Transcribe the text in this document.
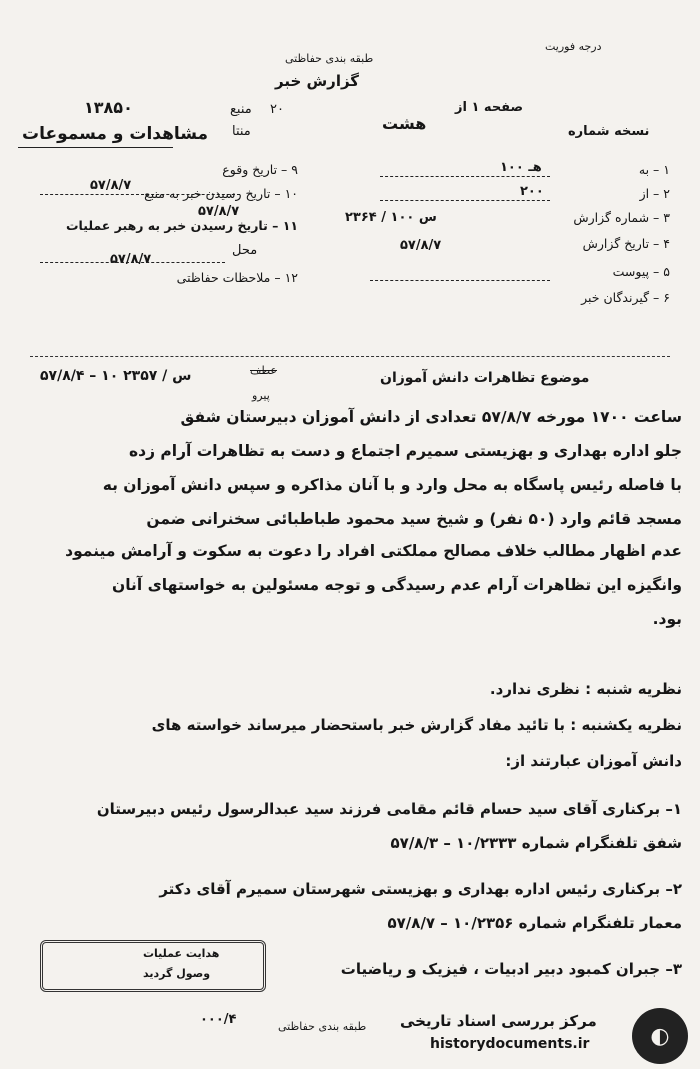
درجه فوریت
طبقه بندی حفاظتی
گزارش خبر
۱۳۸۵۰
مشاهدات و مسموعات
منبع ۲۰
منتا
صفحه ۱ از
هشت	نسخه شماره
۹ – تاریخ وقوع
۵۷/۸/۷
۱۰ – تاریخ رسیدن خبر به منبع
۵۷/۸/۷
۱۱ – تاریخ رسیدن خبر به رهبر عملیات
محل
۵۷/۸/۷
۱۲ – ملاحظات حفاظتی
۱ – به
۱۰۰ هـ
۲ – از
۲۰۰
۳ – شماره گزارش
۲۳۶۴ / ۱۰۰ س
۴ – تاریخ گزارش
۵۷/۸/۷
۵ – پیوست
۶ – گیرندگان خبر
موضوع تظاهرات دانش آموزان
۵۷/۸/۴ – ۱۰ س / ۲۳۵۷	عطف
پیرو
ساعت ۱۷۰۰ مورخه ۵۷/۸/۷ تعدادی از دانش آموزان دبیرستان شفق
جلو اداره بهداری و بهزیستی سمیرم اجتماع و دست به تظاهرات آرام زده
با فاصله رئیس پاسگاه به محل وارد و با آنان مذاکره و سپس دانش آموزان به
مسجد قائم وارد (۵۰ نفر) و شیخ سید محمود طباطبائی سخنرانی ضمن
عدم اظهار مطالب خلاف مصالح مملکتی افراد را دعوت به سکوت و آرامش مینمود
وانگیزه این تظاهرات آرام عدم رسیدگی و توجه مسئولین به خواستهای آنان
بود.
نظریه شنبه : نظری ندارد.
نظریه یکشنبه : با تائید مفاد گزارش خبر باستحضار میرساند خواسته های
دانش آموزان عبارتند از:
۱– برکناری آقای سید حسام قائم مقامی فرزند سید عبدالرسول رئیس دبیرستان
شفق تلفنگرام شماره ۱۰/۲۳۳۳ – ۵۷/۸/۳
۲– برکناری رئیس اداره بهداری و بهزیستی شهرستان سمیرم آقای دکتر
معمار تلفنگرام شماره ۱۰/۲۳۵۶ – ۵۷/۸/۷
۳– جبران کمبود دبیر ادبیات ، فیزیک و ریاضیات
هدایت عملیات
وصول گردید
۰۰۰/۴	طبقه بندی حفاظتی مرکز بررسی اسناد تاریخی
historydocuments.ir	◐
